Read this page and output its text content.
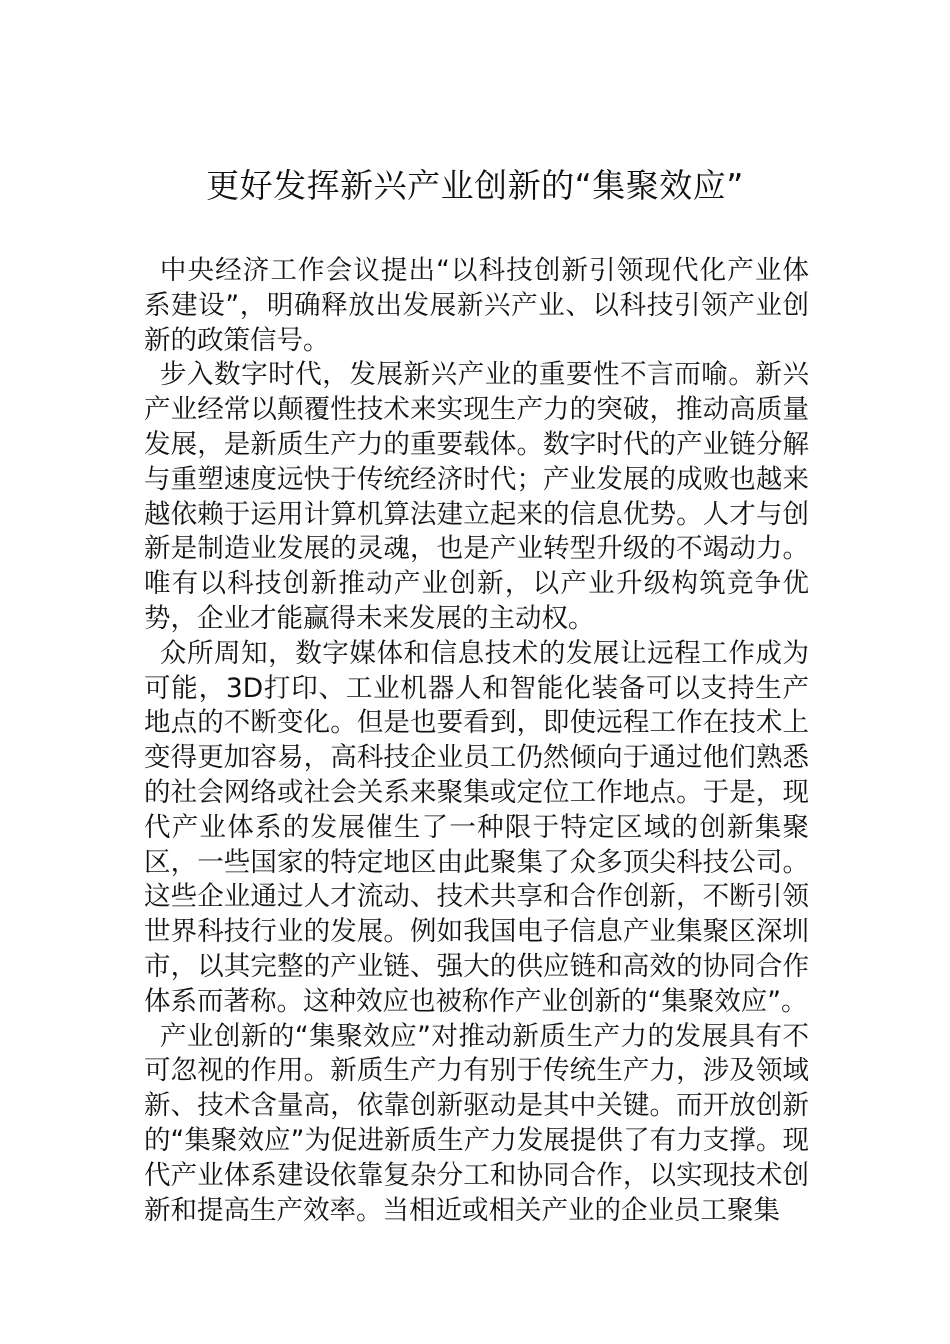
更好发挥新兴产业创新的“集聚效应”

中央经济工作会议提出“以科技创新引领现代化产业体系建设”，明确释放出发展新兴产业、以科技引领产业创新的政策信号。

步入数字时代，发展新兴产业的重要性不言而喻。新兴产业经常以颠覆性技术来实现生产力的突破，推动高质量发展，是新质生产力的重要载体。数字时代的产业链分解与重塑速度远快于传统经济时代；产业发展的成败也越来越依赖于运用计算机算法建立起来的信息优势。人才与创新是制造业发展的灵魂，也是产业转型升级的不竭动力。唯有以科技创新推动产业创新，以产业升级构筑竞争优势，企业才能赢得未来发展的主动权。

众所周知，数字媒体和信息技术的发展让远程工作成为可能，3D打印、工业机器人和智能化装备可以支持生产地点的不断变化。但是也要看到，即使远程工作在技术上变得更加容易，高科技企业员工仍然倾向于通过他们熟悉的社会网络或社会关系来聚集或定位工作地点。于是，现代产业体系的发展催生了一种限于特定区域的创新集聚区，一些国家的特定地区由此聚集了众多顶尖科技公司。这些企业通过人才流动、技术共享和合作创新，不断引领世界科技行业的发展。例如我国电子信息产业集聚区深圳市，以其完整的产业链、强大的供应链和高效的协同合作体系而著称。这种效应也被称作产业创新的“集聚效应”。

产业创新的“集聚效应”对推动新质生产力的发展具有不可忽视的作用。新质生产力有别于传统生产力，涉及领域新、技术含量高，依靠创新驱动是其中关键。而开放创新的“集聚效应”为促进新质生产力发展提供了有力支撑。现代产业体系建设依靠复杂分工和协同合作，以实现技术创新和提高生产效率。当相近或相关产业的企业员工聚集
